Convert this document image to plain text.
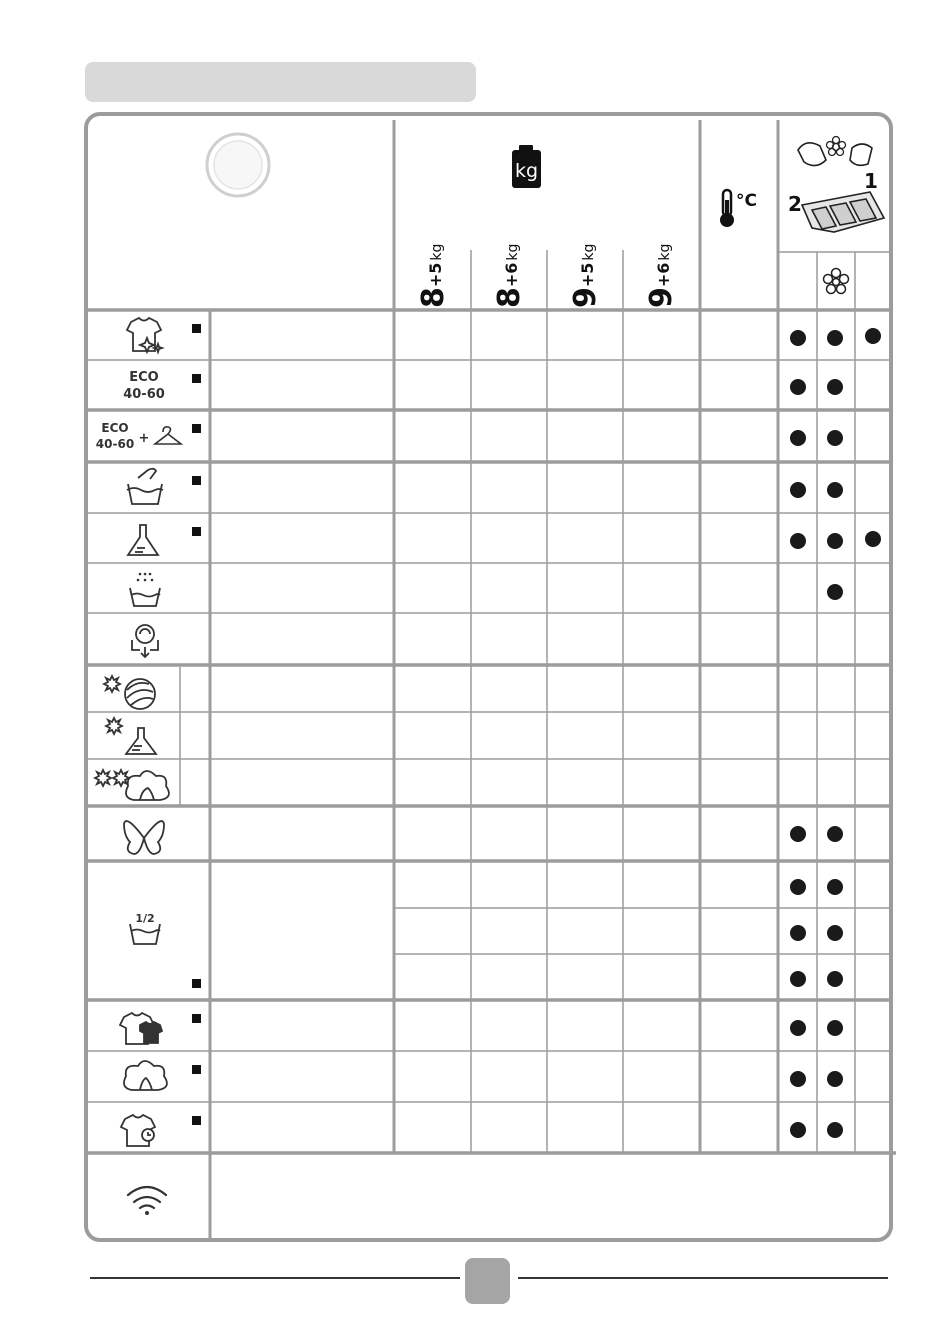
kg
8+5kg
8+6kg
9+5kg
9+6kg
°C
1
2
ECO
40-60
ECO
40-60 +
1/2
